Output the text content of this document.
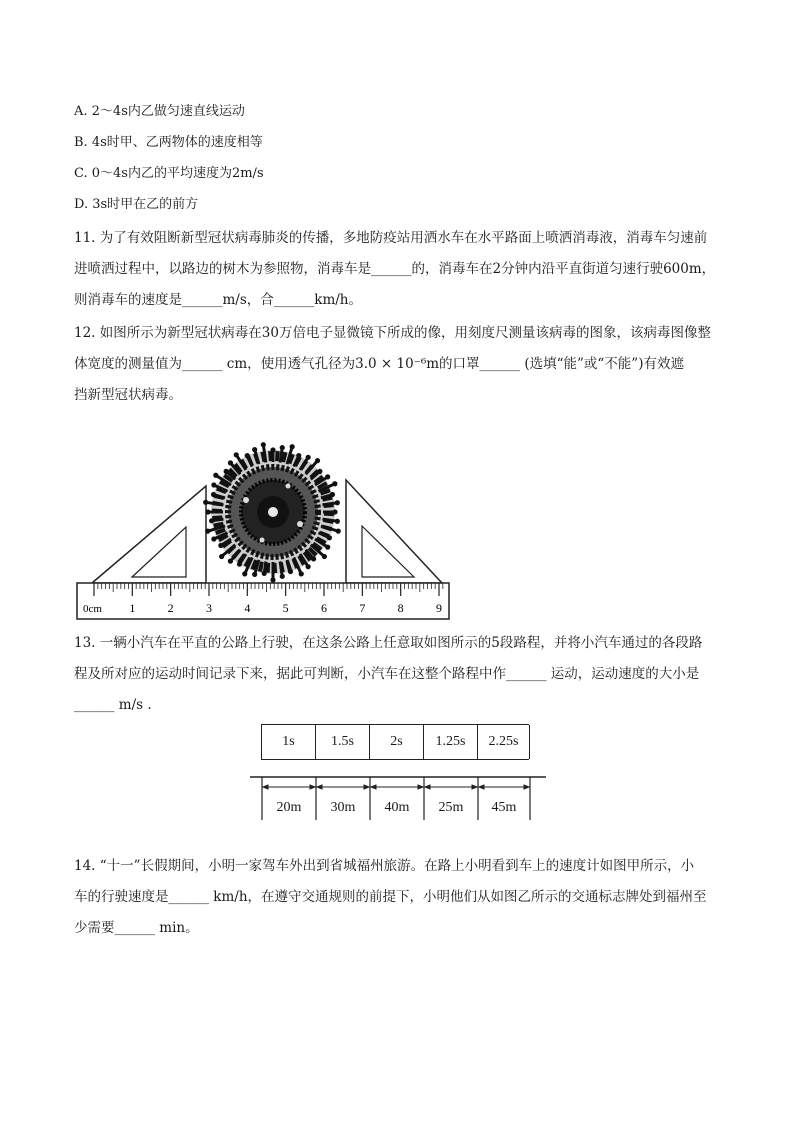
A. 2～4s内乙做匀速直线运动
B. 4s时甲、乙两物体的速度相等
C. 0～4s内乙的平均速度为2m/s
D. 3s时甲在乙的前方
11. 为了有效阻断新型冠状病毒肺炎的传播，多地防疫站用洒水车在水平路面上喷洒消毒液，消毒车匀速前
进喷洒过程中，以路边的树木为参照物，消毒车是______的，消毒车在2分钟内沿平直街道匀速行驶600m，
则消毒车的速度是______m/s，合______km/h。
12. 如图所示为新型冠状病毒在30万倍电子显微镜下所成的像，用刻度尺测量该病毒的图象，该病毒图像整
体宽度的测量值为______ cm，使用透气孔径为3.0 × 10⁻⁶m的口罩______ (选填“能”或“不能”)有效遮
挡新型冠状病毒。
0cm 1	2	3	4	5	6	7	8	9
13. 一辆小汽车在平直的公路上行驶，在这条公路上任意取如图所示的5段路程，并将小汽车通过的各段路
程及所对应的运动时间记录下来，据此可判断，小汽车在这整个路程中作______ 运动，运动速度的大小是
______ m/s .
1s	1.5s	2s	1.25s	2.25s
20m	30m	40m	25m	45m
14. “十一”长假期间，小明一家驾车外出到省城福州旅游。在路上小明看到车上的速度计如图甲所示，小
车的行驶速度是______ km/h，在遵守交通规则的前提下，小明他们从如图乙所示的交通标志牌处到福州至
少需要______ min。
